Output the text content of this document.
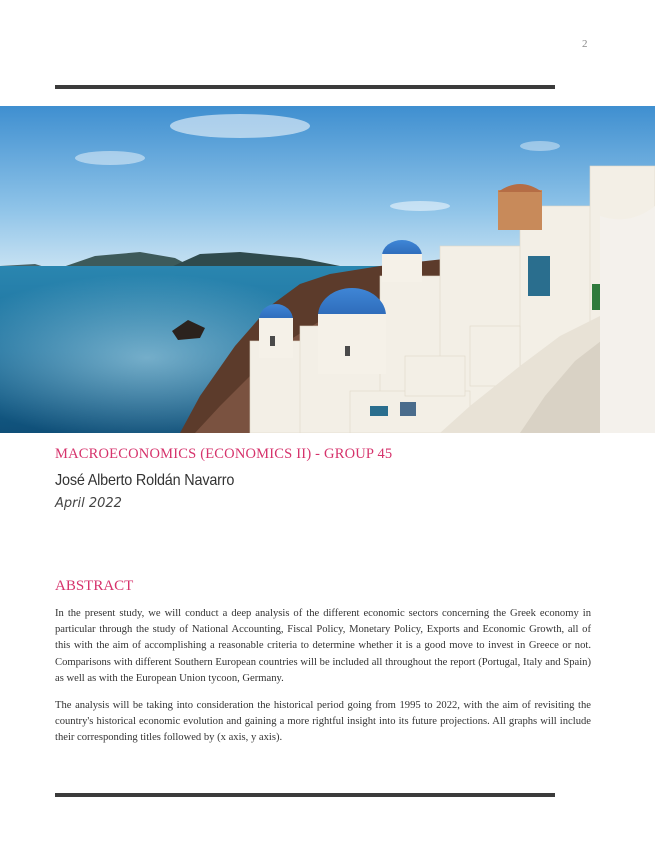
2
MACROECONOMICS (ECONOMICS II) - GROUP 45
José Alberto Roldán Navarro
April 2022
ABSTRACT

In the present study, we will conduct a deep analysis of the different economic sectors concerning the Greek economy in particular through the study of National Accounting, Fiscal Policy, Monetary Policy, Exports and Economic Growth, all of this with the aim of accomplishing a reasonable criteria to determine whether it is a good move to invest in Greece or not. Comparisons with different Southern European countries will be included all throughout the report (Portugal, Italy and Spain) as well as with the European Union tycoon, Germany.

The analysis will be taking into consideration the historical period going from 1995 to 2022, with the aim of revisiting the country's historical economic evolution and gaining a more rightful insight into its future projections. All graphs will include their corresponding titles followed by (x axis, y axis).
